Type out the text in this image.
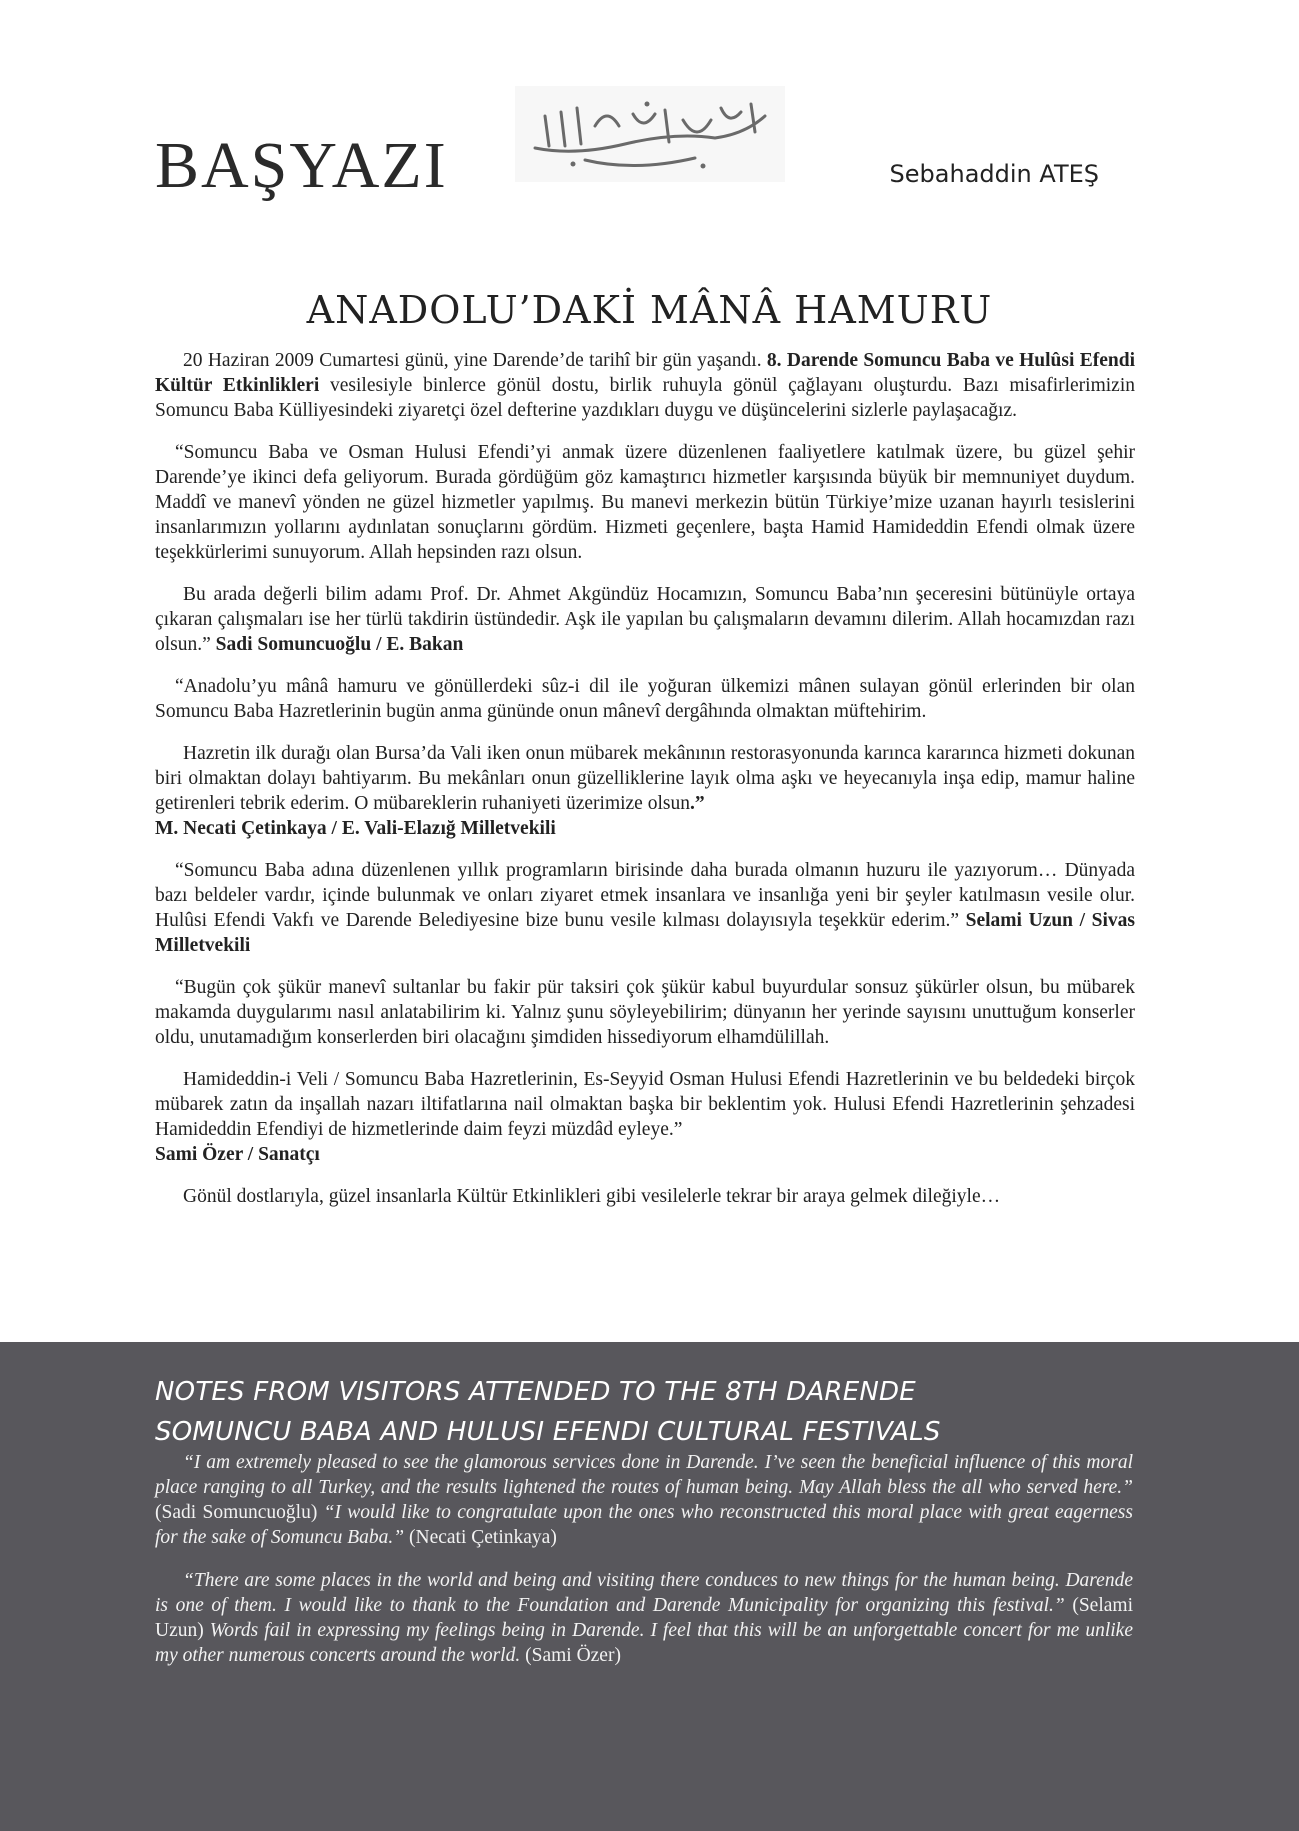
BAŞYAZI	Sebahaddin ATEŞ
ANADOLU’DAKİ MÂNÂ HAMURU

20 Haziran 2009 Cumartesi günü, yine Darende’de tarihî bir gün yaşandı. 8. Darende Somuncu Baba ve Hulûsi Efendi Kültür Etkinlikleri vesilesiyle binlerce gönül dostu, birlik ruhuyla gönül çağlayanı oluşturdu. Bazı misafirlerimizin Somuncu Baba Külliyesindeki ziyaretçi özel defterine yazdıkları duygu ve düşüncelerini sizlerle paylaşacağız.

“Somuncu Baba ve Osman Hulusi Efendi’yi anmak üzere düzenlenen faaliyetlere katılmak üzere, bu güzel şehir Darende’ye ikinci defa geliyorum. Burada gördüğüm göz kamaştırıcı hizmetler karşısında büyük bir memnuniyet duydum. Maddî ve manevî yönden ne güzel hizmetler yapılmış. Bu manevi merkezin bütün Türkiye’mize uzanan hayırlı tesislerini insanlarımızın yollarını aydınlatan sonuçlarını gördüm. Hizmeti geçenlere, başta Hamid Hamideddin Efendi olmak üzere teşekkürlerimi sunuyorum. Allah hepsinden razı olsun.

Bu arada değerli bilim adamı Prof. Dr. Ahmet Akgündüz Hocamızın, Somuncu Baba’nın şeceresini bütünüyle ortaya çıkaran çalışmaları ise her türlü takdirin üstündedir. Aşk ile yapılan bu çalışmaların devamını dilerim. Allah hocamızdan razı olsun.” Sadi Somuncuoğlu / E. Bakan

“Anadolu’yu mânâ hamuru ve gönüllerdeki sûz-i dil ile yoğuran ülkemizi mânen sulayan gönül erlerinden bir olan Somuncu Baba Hazretlerinin bugün anma gününde onun mânevî dergâhında olmaktan müftehirim.

Hazretin ilk durağı olan Bursa’da Vali iken onun mübarek mekânının restorasyonunda karınca kararınca hizmeti dokunan biri olmaktan dolayı bahtiyarım. Bu mekânları onun güzelliklerine layık olma aşkı ve heyecanıyla inşa edip, mamur haline getirenleri tebrik ederim. O mübareklerin ruhaniyeti üzerimize olsun.”
M. Necati Çetinkaya / E. Vali-Elazığ Milletvekili

“Somuncu Baba adına düzenlenen yıllık programların birisinde daha burada olmanın huzuru ile yazıyorum… Dünyada bazı beldeler vardır, içinde bulunmak ve onları ziyaret etmek insanlara ve insanlığa yeni bir şeyler katılmasın vesile olur. Hulûsi Efendi Vakfı ve Darende Belediyesine bize bunu vesile kılması dolayısıyla teşekkür ederim.” Selami Uzun / Sivas Milletvekili

“Bugün çok şükür manevî sultanlar bu fakir pür taksiri çok şükür kabul buyurdular sonsuz şükürler olsun, bu mübarek makamda duygularımı nasıl anlatabilirim ki. Yalnız şunu söyleyebilirim; dünyanın her yerinde sayısını unuttuğum konserler oldu, unutamadığım konserlerden biri olacağını şimdiden hissediyorum elhamdülillah.

Hamideddin-i Veli / Somuncu Baba Hazretlerinin, Es-Seyyid Osman Hulusi Efendi Hazretlerinin ve bu beldedeki birçok mübarek zatın da inşallah nazarı iltifatlarına nail olmaktan başka bir beklentim yok. Hulusi Efendi Hazretlerinin şehzadesi Hamideddin Efendiyi de hizmetlerinde daim feyzi müzdâd eyleye.”
Sami Özer / Sanatçı

Gönül dostlarıyla, güzel insanlarla Kültür Etkinlikleri gibi vesilelerle tekrar bir araya gelmek dileğiyle…

NOTES FROM VISITORS ATTENDED TO THE 8TH DARENDE
SOMUNCU BABA AND HULUSI EFENDI CULTURAL FESTIVALS

“I am extremely pleased to see the glamorous services done in Darende. I’ve seen the beneficial influence of this moral place ranging to all Turkey, and the results lightened the routes of human being. May Allah bless the all who served here.” (Sadi Somuncuoğlu) “I would like to congratulate upon the ones who reconstructed this moral place with great eagerness for the sake of Somuncu Baba.” (Necati Çetinkaya)

“There are some places in the world and being and visiting there conduces to new things for the human being. Darende is one of them. I would like to thank to the Foundation and Darende Municipality for organizing this festival.” (Selami Uzun) Words fail in expressing my feelings being in Darende. I feel that this will be an unforgettable concert for me unlike my other numerous concerts around the world. (Sami Özer)
